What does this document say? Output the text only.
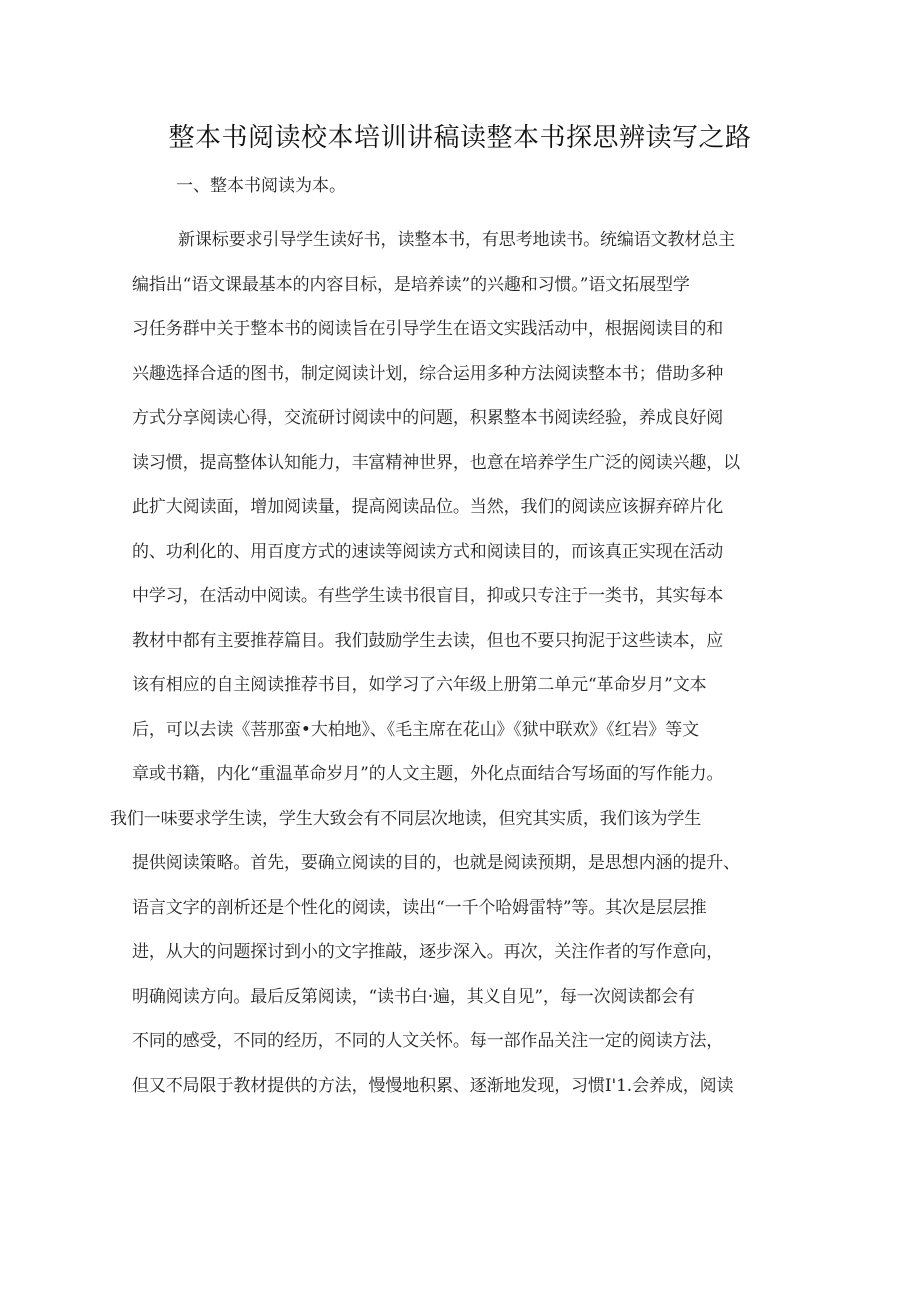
整本书阅读校本培训讲稿读整本书探思辨读写之路
一、整本书阅读为本。
新课标要求引导学生读好书，读整本书，有思考地读书。统编语文教材总主
编指出“语文课最基本的内容目标，是培养读”的兴趣和习惯。”语文拓展型学
习任务群中关于整本书的阅读旨在引导学生在语文实践活动中，根据阅读目的和
兴趣选择合适的图书，制定阅读计划，综合运用多种方法阅读整本书；借助多种
方式分享阅读心得，交流研讨阅读中的问题，积累整本书阅读经验，养成良好阅
读习惯，提高整体认知能力，丰富精神世界，也意在培养学生广泛的阅读兴趣，以
此扩大阅读面，增加阅读量，提高阅读品位。当然，我们的阅读应该摒弃碎片化
的、功利化的、用百度方式的速读等阅读方式和阅读目的，而该真正实现在活动
中学习，在活动中阅读。有些学生读书很盲目，抑或只专注于一类书，其实每本
教材中都有主要推荐篇目。我们鼓励学生去读，但也不要只拘泥于这些读本，应
该有相应的自主阅读推荐书目，如学习了六年级上册第二单元“革命岁月”文本
后，可以去读《菩那蛮•大柏地》、《毛主席在花山》《狱中联欢》《红岩》等文
章或书籍，内化“重温革命岁月”的人文主题，外化点面结合写场面的写作能力。
我们一味要求学生读，学生大致会有不同层次地读，但究其实质，我们该为学生
提供阅读策略。首先，要确立阅读的目的，也就是阅读预期，是思想内涵的提升、
语言文字的剖析还是个性化的阅读，读出“一千个哈姆雷特”等。其次是层层推
进，从大的问题探讨到小的文字推敲，逐步深入。再次，关注作者的写作意向，
明确阅读方向。最后反第阅读，“读书白·遍，其义自见”，每一次阅读都会有
不同的感受，不同的经历，不同的人文关怀。每一部作品关注一定的阅读方法，
但又不局限于教材提供的方法，慢慢地积累、逐渐地发现，习惯I'1.会养成，阅读
